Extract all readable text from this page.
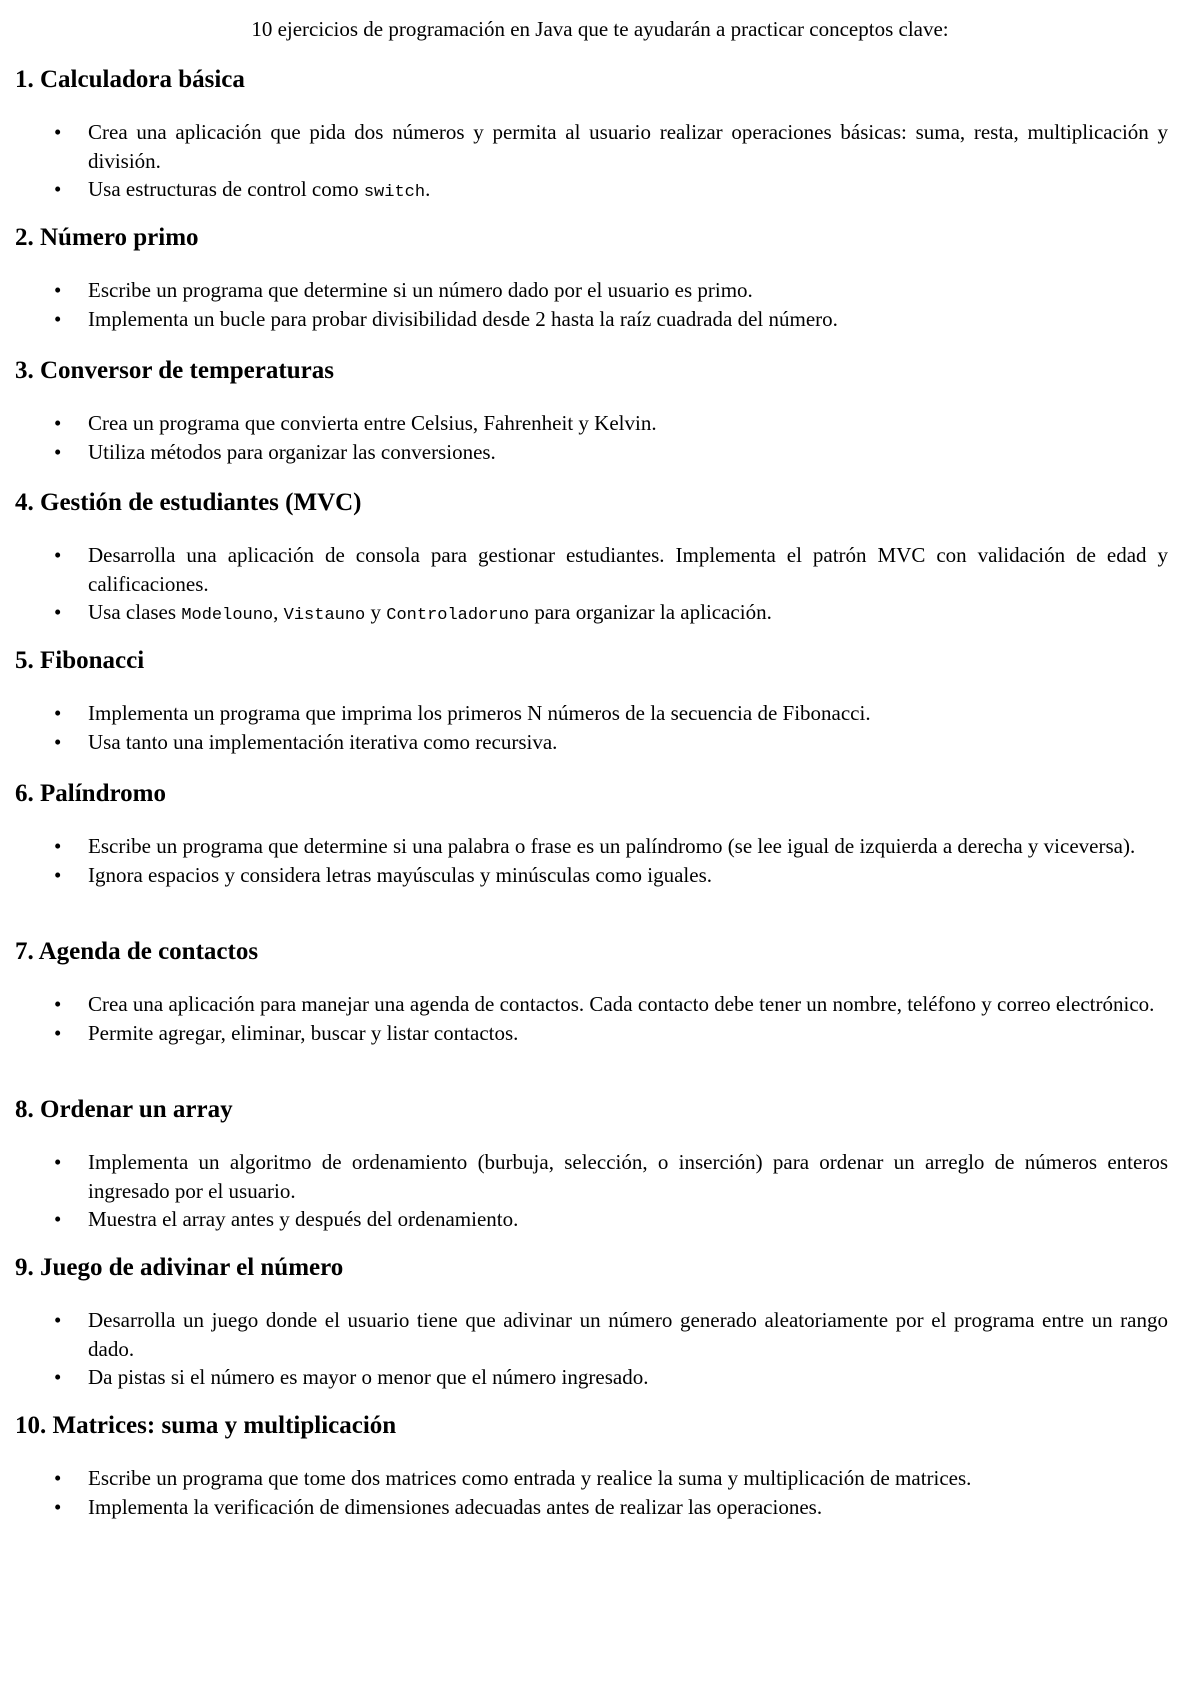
10 ejercicios de programación en Java que te ayudarán a practicar conceptos clave:
1. Calculadora básica
• Crea una aplicación que pida dos números y permita al usuario realizar operaciones básicas: suma, resta, multiplicación y división.
• Usa estructuras de control como switch.
2. Número primo
• Escribe un programa que determine si un número dado por el usuario es primo.
• Implementa un bucle para probar divisibilidad desde 2 hasta la raíz cuadrada del número.
3. Conversor de temperaturas
• Crea un programa que convierta entre Celsius, Fahrenheit y Kelvin.
• Utiliza métodos para organizar las conversiones.
4. Gestión de estudiantes (MVC)
• Desarrolla una aplicación de consola para gestionar estudiantes. Implementa el patrón MVC con validación de edad y calificaciones.
• Usa clases Modelouno, Vistauno y Controladoruno para organizar la aplicación.
5. Fibonacci
• Implementa un programa que imprima los primeros N números de la secuencia de Fibonacci.
• Usa tanto una implementación iterativa como recursiva.
6. Palíndromo
• Escribe un programa que determine si una palabra o frase es un palíndromo (se lee igual de izquierda a derecha y viceversa).
• Ignora espacios y considera letras mayúsculas y minúsculas como iguales.
7. Agenda de contactos
• Crea una aplicación para manejar una agenda de contactos. Cada contacto debe tener un nombre, teléfono y correo electrónico.
• Permite agregar, eliminar, buscar y listar contactos.
8. Ordenar un array
• Implementa un algoritmo de ordenamiento (burbuja, selección, o inserción) para ordenar un arreglo de números enteros ingresado por el usuario.
• Muestra el array antes y después del ordenamiento.
9. Juego de adivinar el número
• Desarrolla un juego donde el usuario tiene que adivinar un número generado aleatoriamente por el programa entre un rango dado.
• Da pistas si el número es mayor o menor que el número ingresado.
10. Matrices: suma y multiplicación
• Escribe un programa que tome dos matrices como entrada y realice la suma y multiplicación de matrices.
• Implementa la verificación de dimensiones adecuadas antes de realizar las operaciones.
